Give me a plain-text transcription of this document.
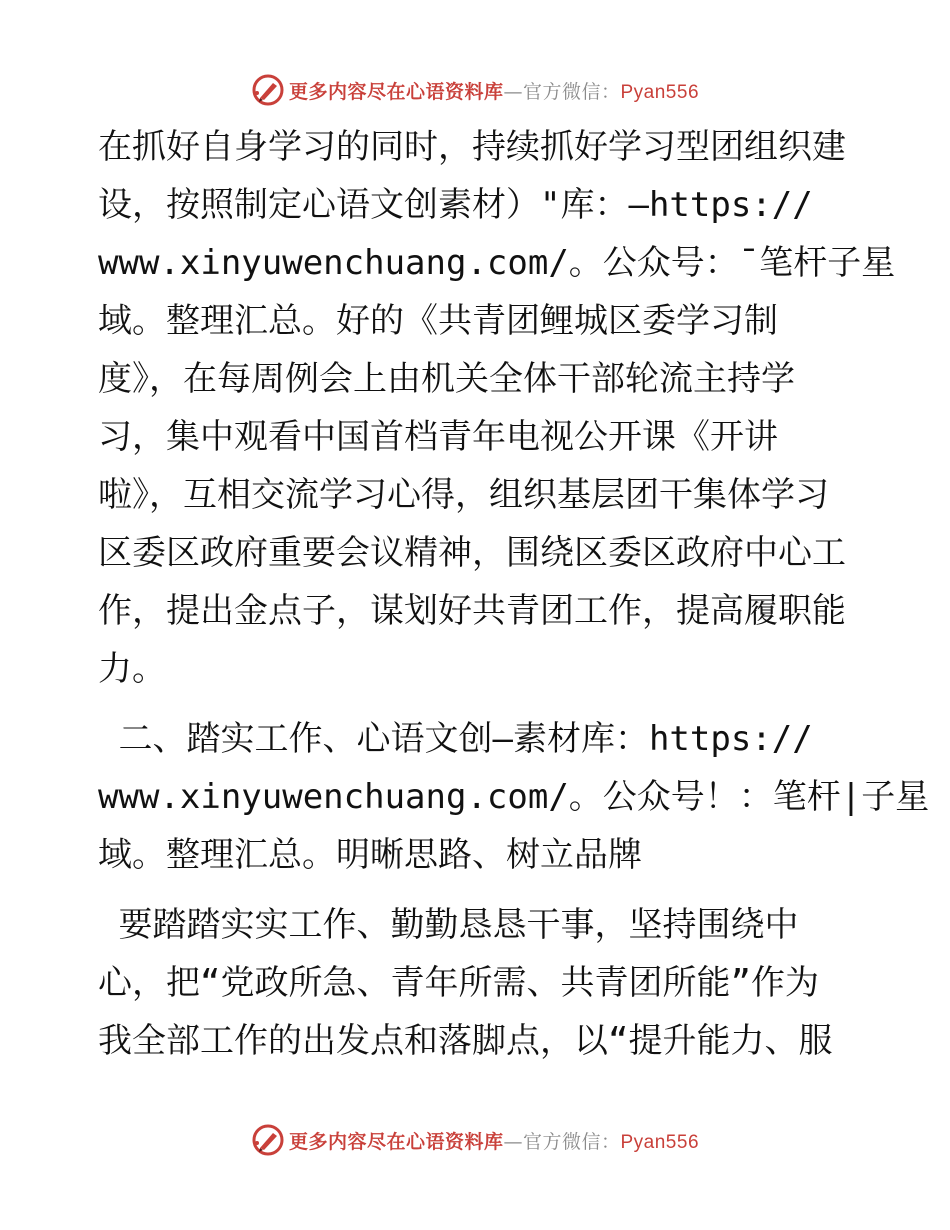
更多内容尽在心语资料库—官方微信：Pyan556
在抓好自身学习的同时，持续抓好学习型团组织建
设，按照制定心语文创素材）"库：—https://
www.xinyuwenchuang.com/。公众号：¯笔杆子星
域。整理汇总。好的《共青团鲤城区委学习制
度》，在每周例会上由机关全体干部轮流主持学
习，集中观看中国首档青年电视公开课《开讲
啦》，互相交流学习心得，组织基层团干集体学习
区委区政府重要会议精神，围绕区委区政府中心工
作，提出金点子，谋划好共青团工作，提高履职能
力。
二、踏实工作、心语文创—素材库：https://
www.xinyuwenchuang.com/。公众号！：笔杆|子星
域。整理汇总。明晰思路、树立品牌
要踏踏实实工作、勤勤恳恳干事，坚持围绕中
心，把“党政所急、青年所需、共青团所能”作为
我全部工作的出发点和落脚点，以“提升能力、服
更多内容尽在心语资料库—官方微信：Pyan556
